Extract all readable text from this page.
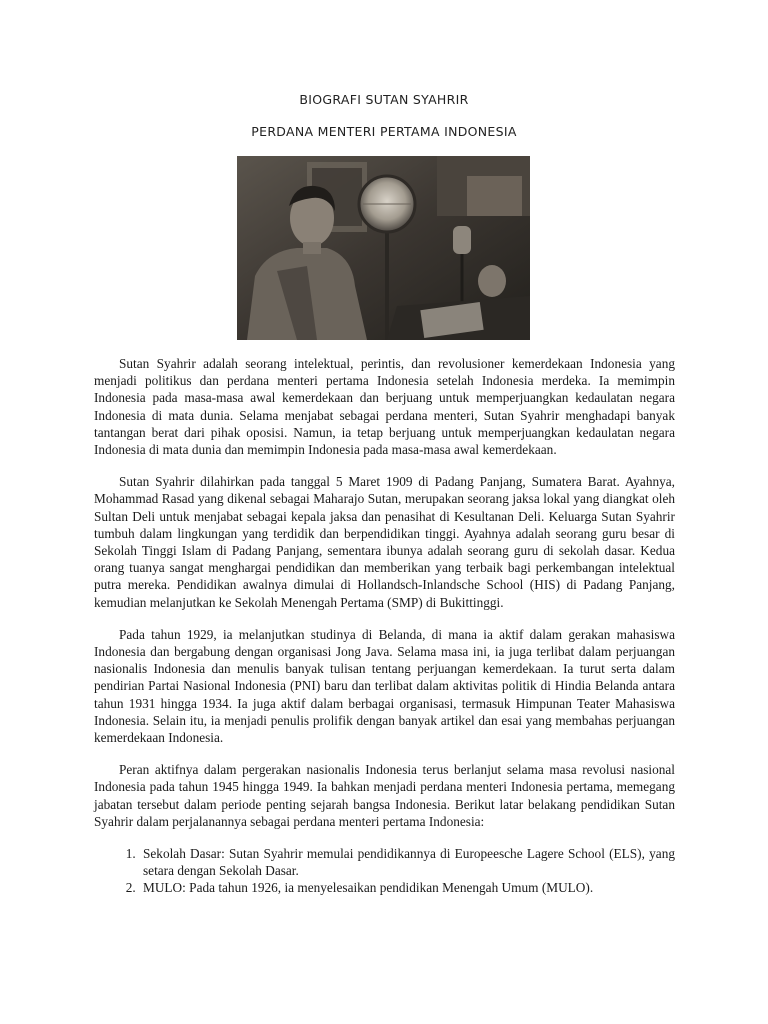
BIOGRAFI SUTAN SYAHRIR
PERDANA MENTERI PERTAMA INDONESIA

Sutan Syahrir adalah seorang intelektual, perintis, dan revolusioner kemerdekaan Indonesia yang menjadi politikus dan perdana menteri pertama Indonesia setelah Indonesia merdeka. Ia memimpin Indonesia pada masa-masa awal kemerdekaan dan berjuang untuk memperjuangkan kedaulatan negara Indonesia di mata dunia. Selama menjabat sebagai perdana menteri, Sutan Syahrir menghadapi banyak tantangan berat dari pihak oposisi. Namun, ia tetap berjuang untuk memperjuangkan kedaulatan negara Indonesia di mata dunia dan memimpin Indonesia pada masa-masa awal kemerdekaan.

Sutan Syahrir dilahirkan pada tanggal 5 Maret 1909 di Padang Panjang, Sumatera Barat. Ayahnya, Mohammad Rasad yang dikenal sebagai Maharajo Sutan, merupakan seorang jaksa lokal yang diangkat oleh Sultan Deli untuk menjabat sebagai kepala jaksa dan penasihat di Kesultanan Deli. Keluarga Sutan Syahrir tumbuh dalam lingkungan yang terdidik dan berpendidikan tinggi. Ayahnya adalah seorang guru besar di Sekolah Tinggi Islam di Padang Panjang, sementara ibunya adalah seorang guru di sekolah dasar. Kedua orang tuanya sangat menghargai pendidikan dan memberikan yang terbaik bagi perkembangan intelektual putra mereka. Pendidikan awalnya dimulai di Hollandsch-Inlandsche School (HIS) di Padang Panjang, kemudian melanjutkan ke Sekolah Menengah Pertama (SMP) di Bukittinggi.

Pada tahun 1929, ia melanjutkan studinya di Belanda, di mana ia aktif dalam gerakan mahasiswa Indonesia dan bergabung dengan organisasi Jong Java. Selama masa ini, ia juga terlibat dalam perjuangan nasionalis Indonesia dan menulis banyak tulisan tentang perjuangan kemerdekaan. Ia turut serta dalam pendirian Partai Nasional Indonesia (PNI) baru dan terlibat dalam aktivitas politik di Hindia Belanda antara tahun 1931 hingga 1934. Ia juga aktif dalam berbagai organisasi, termasuk Himpunan Teater Mahasiswa Indonesia. Selain itu, ia menjadi penulis prolifik dengan banyak artikel dan esai yang membahas perjuangan kemerdekaan Indonesia.

Peran aktifnya dalam pergerakan nasionalis Indonesia terus berlanjut selama masa revolusi nasional Indonesia pada tahun 1945 hingga 1949. Ia bahkan menjadi perdana menteri Indonesia pertama, memegang jabatan tersebut dalam periode penting sejarah bangsa Indonesia. Berikut latar belakang pendidikan Sutan Syahrir dalam perjalanannya sebagai perdana menteri pertama Indonesia:

1. Sekolah Dasar: Sutan Syahrir memulai pendidikannya di Europeesche Lagere School (ELS), yang setara dengan Sekolah Dasar.
2. MULO: Pada tahun 1926, ia menyelesaikan pendidikan Menengah Umum (MULO).
